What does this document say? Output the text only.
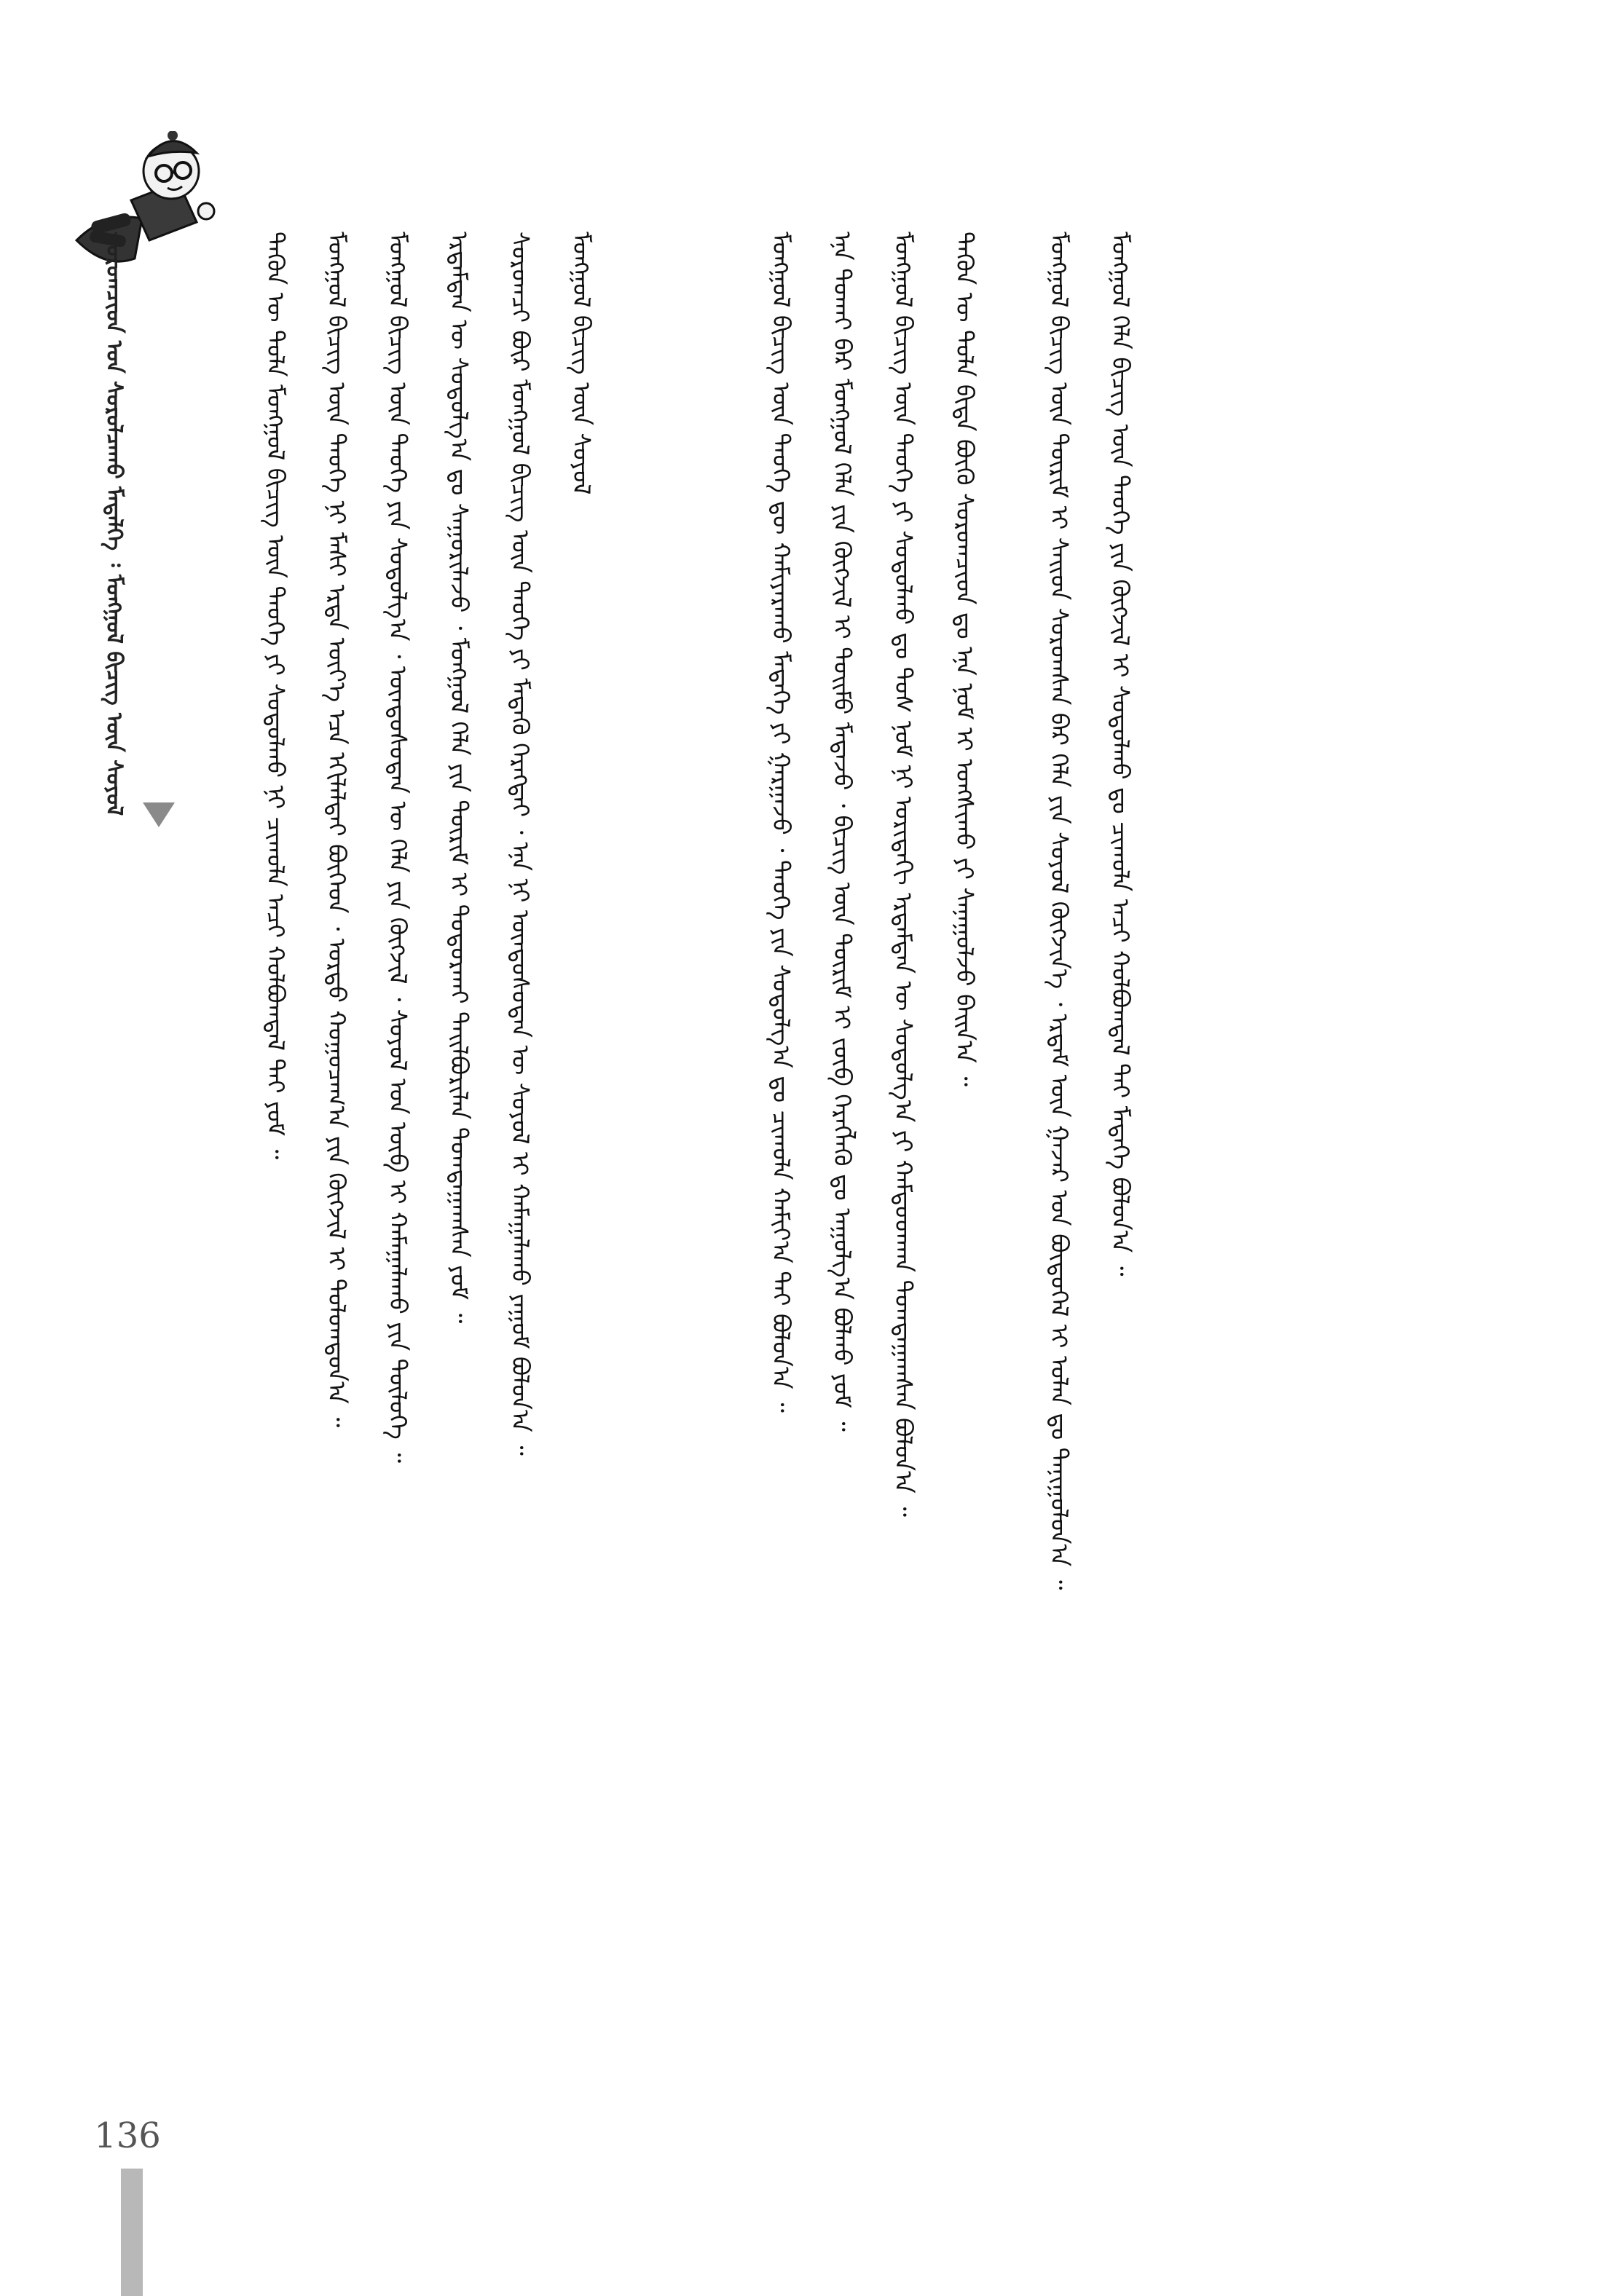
ᠰᠤᠷᠤᠭᠴᠢᠳ ᠤᠨ ᠰᠤᠷᠤᠯᠴᠠᠬᠤ ᠮᠡᠳᠡᠯᠭᠡ ᠄ ᠮᠣᠩᠭᠣᠯ ᠪᠢᠴᠢᠭ ᠦᠨ ᠰᠣᠶᠣᠯ	ᠮᠣᠩᠭᠣᠯ ᠬᠡᠯᠡ ᠪᠢᠴᠢᠭ ᠦᠨ ᠲᠡᠦᠬᠡ ᠶᠢᠨ ᠬᠥᠭᠵᠢᠯ ᠢ ᠰᠤᠳᠤᠯᠬᠤ ᠳᠤ ᠴᠢᠬᠤᠯᠠ ᠠᠴᠢ ᠬᠣᠯᠪᠣᠭᠳᠠᠯ ᠲᠠᠢ ᠮᠡᠳᠡᠭᠡ ᠪᠣᠯᠤᠨ᠎ᠠ ᠃
ᠮᠣᠩᠭᠣᠯ ᠪᠢᠴᠢᠭ ᠦᠨ ᠳᠦᠷᠢᠮ ᠢ ᠰᠠᠢᠳ ᠰᠤᠷᠤᠭᠰᠠᠨ ᠪᠠᠷ ᠬᠡᠯᠡ ᠶᠢᠨ ᠰᠣᠶᠣᠯ ᠬᠥᠭᠵᠢᠨ᠎ᠡ ᠂ ᠡᠷᠳᠡᠮ ᠦᠨ ᠭᠠᠵᠠᠷ ᠤᠨ ᠪᠦᠲᠦᠭᠡᠯ ᠢ ᠣᠯᠠᠨ ᠳᠤ ᠲᠠᠨᠢᠭᠤᠯᠤᠨ᠎ᠠ ᠃
ᠲᠡᠭᠦᠨ ᠦ ᠲᠤᠯᠠ ᠪᠢᠳᠡ ᠪᠦᠬᠦ ᠰᠤᠷᠤᠭᠴᠢᠳ ᠳᠤ ᠡᠨᠡ ᠨᠣᠮ ᠢ ᠤᠩᠰᠢᠬᠤ ᠶᠢ ᠰᠠᠨᠠᠭᠤᠯᠵᠤ ᠪᠠᠢᠨ᠎ᠠ ᠃
ᠮᠣᠩᠭᠣᠯ ᠪᠢᠴᠢᠭ ᠦᠨ ᠲᠡᠦᠬᠡ ᠶᠢ ᠰᠤᠳᠤᠯᠬᠤ ᠳᠤ ᠲᠤᠰ ᠨᠣᠮ ᠨᠢ ᠤᠷᠢᠳᠠᠬᠢ ᠡᠷᠳᠡᠮᠲᠡᠨ ᠦ ᠰᠤᠳᠤᠯᠭ᠎ᠠ ᠶᠢ ᠬᠠᠮᠲᠤᠳᠬᠠᠨ ᠲᠣᠭᠲᠠᠭᠠᠭᠰᠠᠨ ᠪᠣᠯᠤᠨ᠎ᠠ ᠃
ᠡᠨᠡ ᠲᠤᠬᠠᠢ ᠪᠠᠷ ᠮᠣᠩᠭᠣᠯ ᠬᠡᠯᠡ ᠶᠢᠨ ᠬᠥᠭᠵᠢᠯ ᠢ ᠲᠣᠢᠮᠣ ᠮᠡᠳᠡᠵᠦ ᠂ ᠪᠢᠴᠢᠭ ᠦᠨ ᠳᠦᠷᠢᠮ ᠢ ᠵᠥᠪ ᠬᠡᠷᠡᠭᠯᠡᠬᠦ ᠳᠤ ᠠᠭᠤᠯᠭ᠎ᠠ ᠪᠣᠯᠬᠤ ᠶᠤᠮ ᠃
ᠮᠣᠩᠭᠣᠯ ᠪᠢᠴᠢᠭ ᠦᠨ ᠲᠡᠦᠬᠡ ᠳᠦ ᠬᠠᠮᠢᠶᠠᠷᠠᠬᠤ ᠮᠡᠳᠡᠭᠡ ᠶᠢ ᠭᠠᠷᠭᠠᠵᠤ ᠂ ᠲᠡᠦᠬᠡ ᠶᠢᠨ ᠰᠤᠳᠤᠯᠭ᠎ᠠ ᠳᠤ ᠴᠢᠬᠤᠯᠠ ᠬᠠᠮᠢᠶ᠎ᠠ ᠲᠠᠢ ᠪᠣᠯᠤᠨ᠎ᠠ ᠃
ᠮᠣᠩᠭᠣᠯ ᠪᠢᠴᠢᠭ ᠦᠨ ᠰᠣᠶᠣᠯ
ᠰᠤᠷᠤᠭᠴᠢ ᠪᠦᠷ ᠮᠣᠩᠭᠣᠯ ᠪᠢᠴᠢᠭ ᠦᠨ ᠲᠡᠦᠬᠡ ᠶᠢ ᠮᠡᠳᠡᠬᠦ ᠬᠡᠷᠡᠭᠲᠡᠢ ᠂ ᠡᠨᠡ ᠨᠢ ᠦᠨᠳᠦᠰᠦᠲᠡᠨ ᠦ ᠰᠣᠶᠣᠯ ᠢ ᠬᠠᠮᠠᠭᠠᠯᠠᠬᠤ ᠶᠠᠭᠤᠮ ᠪᠣᠯᠤᠨ᠎ᠠ ᠃
ᠡᠷᠳᠡᠮᠲᠡᠨ ᠦ ᠰᠤᠳᠤᠯᠭ᠎ᠠ ᠳᠤ ᠰᠠᠭᠤᠷᠢᠯᠠᠵᠤ ᠂ ᠮᠣᠩᠭᠣᠯ ᠬᠡᠯᠡ ᠶᠢᠨ ᠳᠦᠷᠢᠮ ᠢ ᠲᠣᠳᠣᠷᠬᠠᠢ ᠲᠠᠢᠯᠪᠤᠷᠢᠯᠠᠨ ᠲᠣᠭᠲᠠᠭᠠᠭᠰᠠᠨ ᠶᠤᠮ ᠃
ᠮᠣᠩᠭᠣᠯ ᠪᠢᠴᠢᠭ ᠦᠨ ᠲᠡᠦᠬᠡ ᠶᠢᠨ ᠰᠤᠳᠤᠯᠭ᠎ᠠ ᠂ ᠦᠨᠳᠦᠰᠦᠲᠡᠨ ᠦ ᠬᠡᠯᠡ ᠶᠢᠨ ᠬᠥᠭᠵᠢᠯ ᠂ ᠰᠣᠶᠣᠯ ᠤᠨ ᠥᠪ ᠢ ᠬᠠᠮᠠᠭᠠᠯᠠᠬᠤ ᠶᠢᠨ ᠲᠥᠯᠦᠭᠡ ᠃
ᠮᠣᠩᠭᠣᠯ ᠪᠢᠴᠢᠭ ᠦᠨ ᠲᠡᠦᠬᠡ ᠨᠢ ᠮᠠᠰᠢ ᠡᠷᠲᠡ ᠦᠶ᠎ᠡ ᠡᠴᠡ ᠡᠬᠢᠯᠡᠯᠲᠡᠢ ᠪᠥᠭᠡᠳ ᠂ ᠤᠷᠲᠤ ᠬᠤᠭᠤᠴᠠᠭ᠎ᠠ ᠶᠢᠨ ᠬᠥᠭᠵᠢᠯ ᠢ ᠲᠤᠯᠤᠭᠳᠤᠨ᠎ᠠ ᠃
ᠲᠡᠭᠦᠨ ᠦ ᠲᠤᠯᠠ ᠮᠣᠩᠭᠣᠯ ᠪᠢᠴᠢᠭ ᠦᠨ ᠲᠡᠦᠬᠡ ᠶᠢ ᠰᠤᠳᠤᠯᠬᠤ ᠨᠢ ᠴᠢᠬᠤᠯᠠ ᠠᠴᠢ ᠬᠣᠯᠪᠣᠭᠳᠠᠯ ᠲᠠᠢ ᠶᠤᠮ ᠃
136
